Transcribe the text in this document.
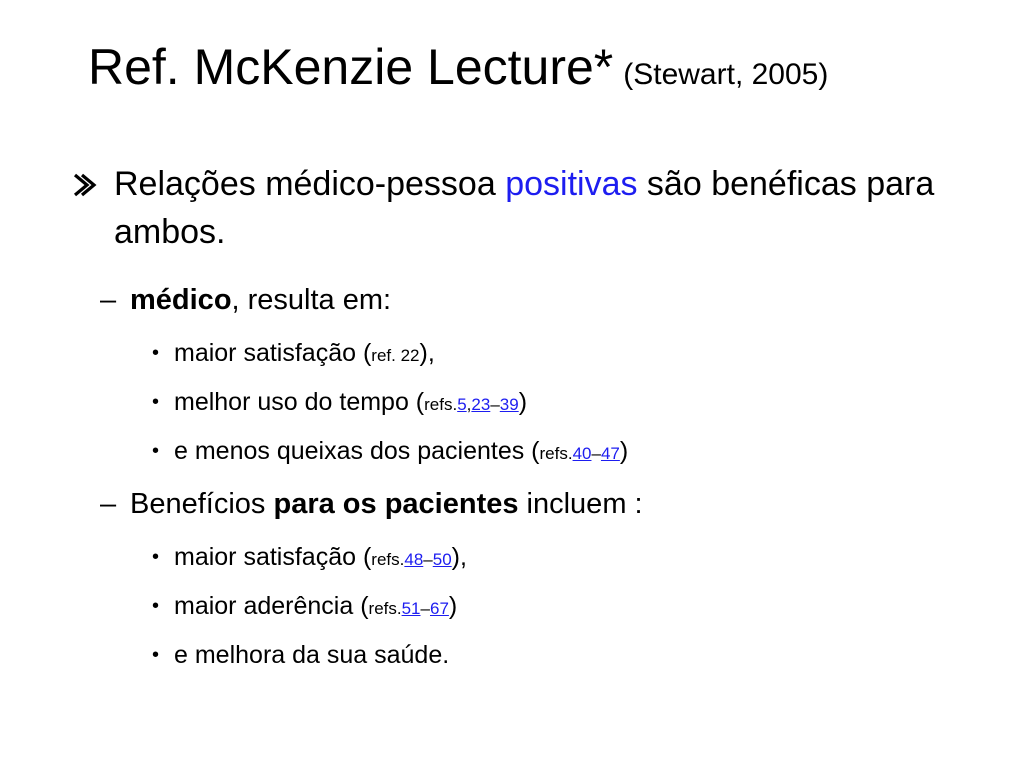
Ref. McKenzie Lecture* (Stewart, 2005)
Relações médico-pessoa positivas são benéficas para ambos.
– médico, resulta em:
• maior satisfação (ref. 22),
• melhor uso do tempo (refs.5,23–39)
• e menos queixas dos pacientes (refs.40–47)
– Benefícios para os pacientes incluem :
• maior satisfação (refs.48–50),
• maior aderência (refs.51–67)
• e melhora da sua saúde.
